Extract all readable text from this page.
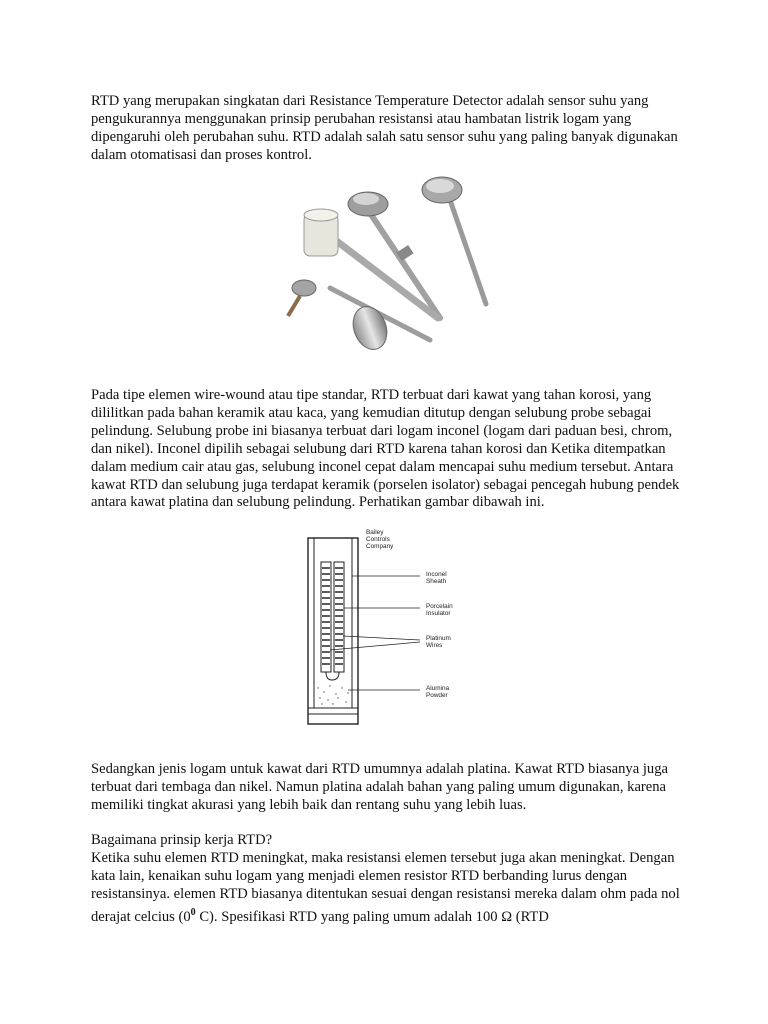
RTD yang merupakan singkatan dari Resistance Temperature Detector adalah sensor suhu yang pengukurannya menggunakan prinsip perubahan resistansi atau hambatan listrik logam yang dipengaruhi oleh perubahan suhu. RTD adalah salah satu sensor suhu yang paling banyak digunakan dalam otomatisasi dan proses kontrol.

Pada tipe elemen wire-wound atau tipe standar, RTD terbuat dari kawat yang tahan korosi, yang dililitkan pada bahan keramik atau kaca, yang kemudian ditutup dengan selubung probe sebagai pelindung. Selubung probe ini biasanya terbuat dari logam inconel (logam dari paduan besi, chrom, dan nikel). Inconel dipilih sebagai selubung dari RTD karena tahan korosi dan Ketika ditempatkan dalam medium cair atau gas, selubung inconel cepat dalam mencapai suhu medium tersebut. Antara kawat RTD dan selubung juga terdapat keramik (porselen isolator) sebagai pencegah hubung pendek antara kawat platina dan selubung pelindung. Perhatikan gambar dibawah ini.

Bailey
Controls
Company
Inconel
Sheath
Porcelain
Insulator
Platinum
Wires
Alumina
Powder

Sedangkan jenis logam untuk kawat dari RTD umumnya adalah platina. Kawat RTD biasanya juga terbuat dari tembaga dan nikel. Namun platina adalah bahan yang paling umum digunakan, karena memiliki tingkat akurasi yang lebih baik dan rentang suhu yang lebih luas.

Bagaimana prinsip kerja RTD?

Ketika suhu elemen RTD meningkat, maka resistansi elemen tersebut juga akan meningkat. Dengan kata lain, kenaikan suhu logam yang menjadi elemen resistor RTD berbanding lurus dengan resistansinya. elemen RTD biasanya ditentukan sesuai dengan resistansi mereka dalam ohm pada nol derajat celcius ($0^0$ C). Spesifikasi RTD yang paling umum adalah 100 Ω (RTD
